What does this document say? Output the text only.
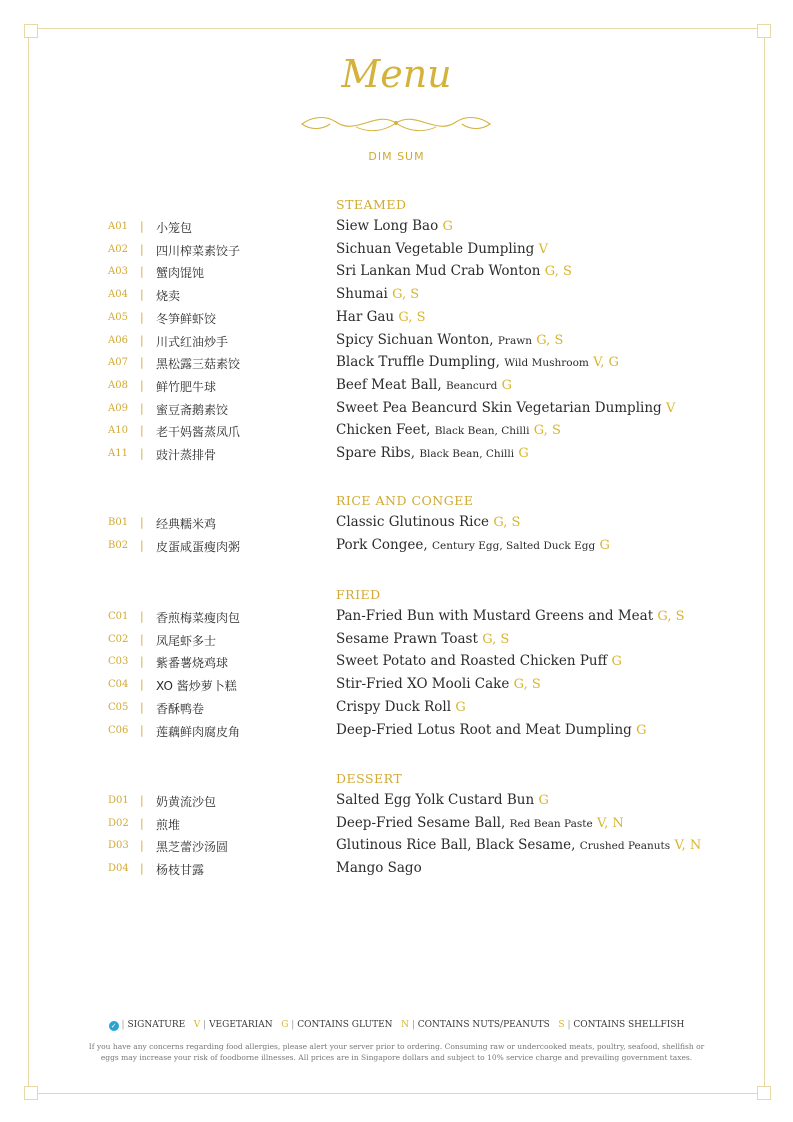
Menu
DIM SUM
STEAMED
A01 | 小笼包	Siew Long Bao G
A02 | 四川榨菜素饺子	Sichuan Vegetable Dumpling V
A03 | 蟹肉馄饨	Sri Lankan Mud Crab Wonton G, S
A04 | 烧卖	Shumai G, S
A05 | 冬笋鲜虾饺	Har Gau G, S
A06 | 川式红油炒手	Spicy Sichuan Wonton, Prawn G, S
A07 | 黑松露三菇素饺	Black Truffle Dumpling, Wild Mushroom V, G
A08 | 鲜竹肥牛球	Beef Meat Ball, Beancurd G
A09 | 蜜豆斋鹅素饺	Sweet Pea Beancurd Skin Vegetarian Dumpling V
A10 | 老干妈酱蒸凤爪	Chicken Feet, Black Bean, Chilli G, S
A11 | 豉汁蒸排骨	Spare Ribs, Black Bean, Chilli G
RICE AND CONGEE
B01 | 经典糯米鸡	Classic Glutinous Rice G, S
B02 | 皮蛋咸蛋瘦肉粥	Pork Congee, Century Egg, Salted Duck Egg G
FRIED
C01 | 香煎梅菜瘦肉包	Pan-Fried Bun with Mustard Greens and Meat G, S
C02 | 凤尾虾多士	Sesame Prawn Toast G, S
C03 | 紫番薯烧鸡球	Sweet Potato and Roasted Chicken Puff G
C04 | XO 酱炒萝卜糕	Stir-Fried XO Mooli Cake G, S
C05 | 香酥鸭卷	Crispy Duck Roll G
C06 | 莲藕鲜肉腐皮角	Deep-Fried Lotus Root and Meat Dumpling G
DESSERT
D01 | 奶黄流沙包	Salted Egg Yolk Custard Bun G
D02 | 煎堆	Deep-Fried Sesame Ball, Red Bean Paste V, N
D03 | 黑芝蕾沙汤圆	Glutinous Rice Ball, Black Sesame, Crushed Peanuts V, N
D04 | 杨枝甘露	Mango Sago
✓ | SIGNATURE V | VEGETARIAN G | CONTAINS GLUTEN N | CONTAINS NUTS/PEANUTS S | CONTAINS SHELLFISH
If you have any concerns regarding food allergies, please alert your server prior to ordering. Consuming raw or undercooked meats, poultry, seafood, shellfish or eggs may increase your risk of foodborne illnesses. All prices are in Singapore dollars and subject to 10% service charge and prevailing government taxes.
